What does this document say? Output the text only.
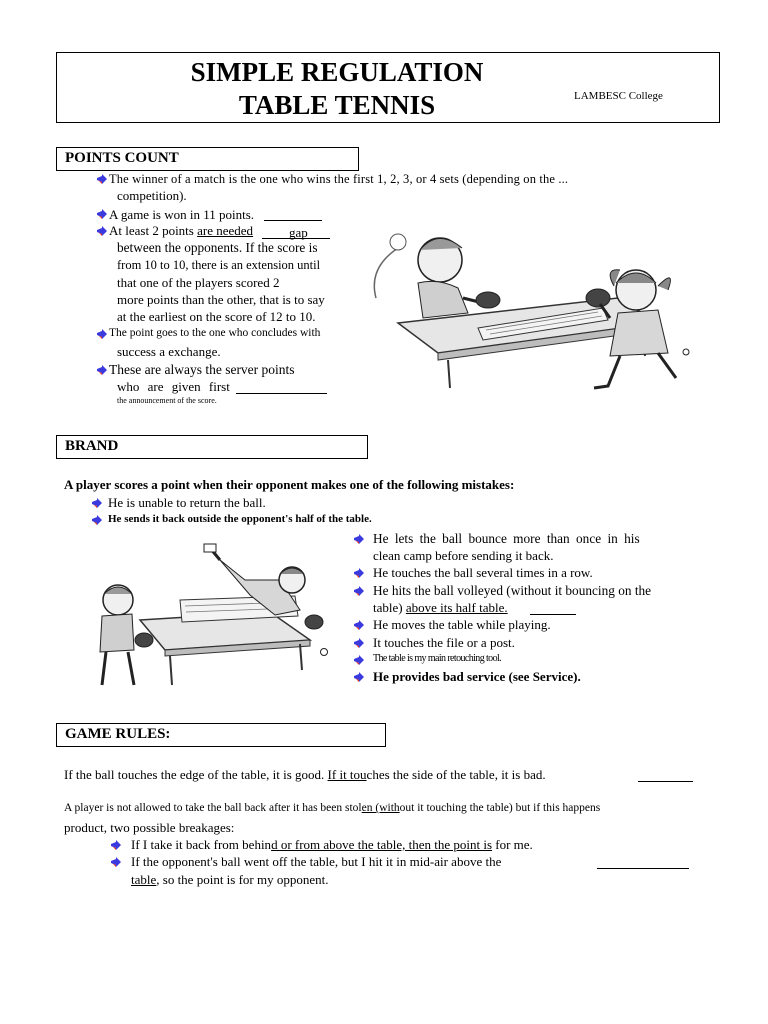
SIMPLE REGULATION
TABLE TENNIS	LAMBESC College
POINTS COUNT
The winner of a match is the one who wins the first 1, 2, 3, or 4 sets (depending on the ...
competition).
A game is won in 11 points.
At least 2 points are needed	gap
between the opponents. If the score is
from 10 to 10, there is an extension until
that one of the players scored 2
more points than the other, that is to say
at the earliest on the score of 12 to 10.
The point goes to the one who concludes with
success a exchange.
These are always the server points
who are given first
the announcement of the score.
BRAND
A player scores a point when their opponent makes one of the following mistakes:
He is unable to return the ball.
He sends it back outside the opponent's half of the table.
He lets the ball bounce more than once in his
clean camp before sending it back.
He touches the ball several times in a row.
He hits the ball volleyed (without it bouncing on the
table) above its half table.
He moves the table while playing.
It touches the file or a post.
The table is my main retouching tool.
He provides bad service (see Service).
GAME RULES:
If the ball touches the edge of the table, it is good. If it touches the side of the table, it is bad.
A player is not allowed to take the ball back after it has been stolen (without it touching the table) but if this happens
product, two possible breakages:
If I take it back from behind or from above the table, then the point is for me.
If the opponent's ball went off the table, but I hit it in mid-air above the
table, so the point is for my opponent.
